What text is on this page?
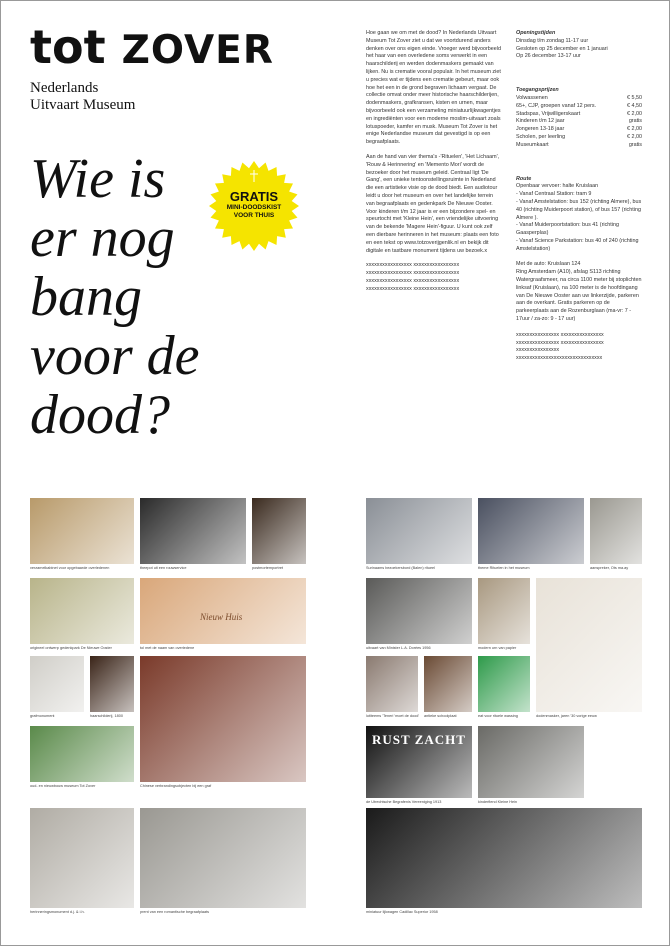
tot ZOVER
Nederlands
Uitvaart Museum
Wie is
er nog
bang
voor de
dood?
GRATIS
MINI-DOODSKIST
VOOR THUIS

Hoe gaan we om met de dood? In Nederlands Uitvaart Museum Tot Zover ziet u dat we voortdurend anders denken over ons eigen einde. Vroeger werd bijvoorbeeld het haar van een overledene soms verwerkt in een haarschilderij en werden dodenmaskers gemaakt van lijken. Nu is crematie vooral populair. In het museum ziet u precies wat er tijdens een crematie gebeurt, maar ook hoe het een in de grond begraven lichaam vergaat. De collectie omvat onder meer historische haarschilderijen, dodenmaskers, grafkransen, kisten en urnen, maar bijvoorbeeld ook een verzameling miniatuurlijkwagentjes en ingrediënten voor een moderne moslim-uitvaart zoals lotuspoeder, kamfer en musk. Museum Tot Zover is het enige Nederlandse museum dat gevestigd is op een begraafplaats.

Aan de hand van vier thema's -'Rituelen', 'Het Lichaam', 'Rouw & Herinnering' en 'Memento Mori' wordt de bezoeker door het museum geleid. Centraal ligt 'De Gang', een unieke tentoonstellingsruimte in Nederland die een artistieke visie op de dood biedt. Een audiotour leidt u door het museum en over het landelijke terrein van begraafplaats en gedenkpark De Nieuwe Ooster. Voor kinderen t/m 12 jaar is er een bijzondere spel- en speurtocht met 'Kleine Hein', een vriendelijke uitvoering van de bekende 'Magere Hein'-figuur. U kunt ook zelf een dierbare herinneren in het museum: plaats een foto en een tekst op www.totzoverijgenlik.nl en bekijk dit digitale en tastbare monument tijdens uw bezoek.x

xxxxxxxxxxxxxxxxx xxxxxxxxxxxxxxxxx
xxxxxxxxxxxxxxxxx xxxxxxxxxxxxxxxxx
xxxxxxxxxxxxxxxxx xxxxxxxxxxxxxxxxx
xxxxxxxxxxxxxxxxx xxxxxxxxxxxxxxxxx
Openingstijden
Dinsdag t/m zondag 11-17 uur
Gesloten op 25 december en 1 januari
Op 26 december 13-17 uur
Toegangsprijzen
Volwassenen	€ 5,50
65+, CJP, groepen vanaf 12 pers.	€ 4,50
Stadspas, Vrijwilligerskaart	€ 2,00
Kinderen t/m 12 jaar	gratis
Jongeren 13-18 jaar	€ 2,00
Scholen, per leerling	€ 2,00
Museumkaart	gratis
Route
Openbaar vervoer: halte Kruislaan
- Vanaf Centraal Station: tram 9
- Vanaf Amstelstation: bus 152 (richting Almere), bus 40 (richting Muiderpoort station), of bus 157 (richting Almere ).
- Vanaf Muiderpoortstation: bus 41 (richting Gaasperplas)
- Vanaf Science Parkstation: bus 40 of 240 (richting Amstelstation)

Met de auto: Kruislaan 124
Ring Amsterdam (A10), afslag S113 richting Watergraafsmeer, na circa 1100 meter bij stoplichten linksaf (Kruislaan), na 100 meter is de hoofdingang van De Nieuwe Ooster aan uw linkerzijde, parkeren aan de overkant. Gratis parkeren op de parkeerplaats aan de Rozenburglaan (ma-vr: 7 - 17uur / za-zo: 9 - 17 uur)
xxxxxxxxxxxxxxxx xxxxxxxxxxxxxxxx
xxxxxxxxxxxxxxxx xxxxxxxxxxxxxxxx
xxxxxxxxxxxxxxxx
xxxxxxxxxxxxxxxxxxxxxxxxxxxxxxxx
verzamelkabinet voor opgebaarde overledenen	theepot uit een rouwservice	postmortemportret	Surinaams bezoekersbord (Balen) ritueel	theme Rituelen in het museum	aanspreker, Ots ma.ay
origineel ontwerp gedenkpark De Nieuwe Ooster	tol met de naam van overledene	uitvaart van Minister L.A. Dorées 1956	modern urn van papier
dodenmasker, jaren '30 vorige eeuw
grafmonument	haarschilderij, 1800
Chinese verbrandingsobjecten bij een graf
lotiteems 'Teneri 'moet de dood' antieke schoolplaat	eat voor rituele wassing
oud- en nieuwbouw museum Tot Zover
de Utrechtsche Begrafenis Vereeniging 1913	kinderfiend Kleine Hein
herinneringsmonument d.j. & i.h.	prent van een romantische begraafplaats	miniatuur lijkwagen Cadillac Superior 1958
RUST ZACHT
Nieuw Huis
